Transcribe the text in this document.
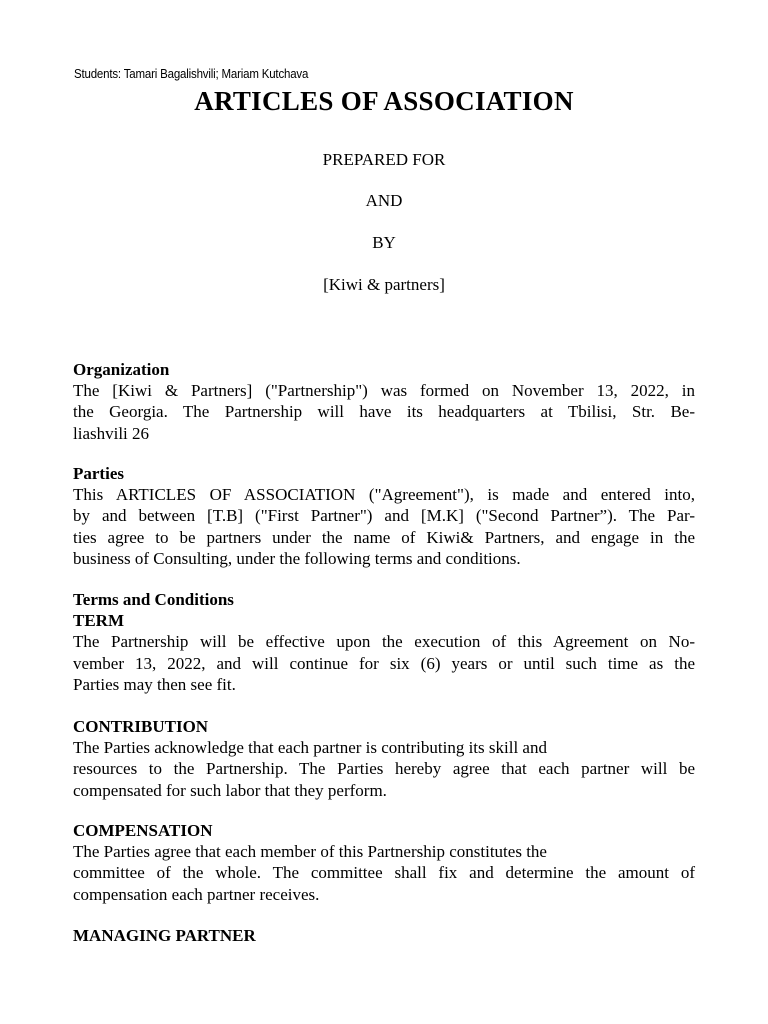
Students: Tamari Bagalishvili; Mariam Kutchava
ARTICLES OF ASSOCIATION
PREPARED FOR
AND
BY
[Kiwi & partners]
Organization
The [Kiwi & Partners] ("Partnership") was formed on November 13, 2022, in
the Georgia. The Partnership will have its headquarters at Tbilisi, Str. Be-
liashvili 26
Parties
This ARTICLES OF ASSOCIATION ("Agreement"), is made and entered into,
by and between [T.B] ("First Partner") and [M.K] ("Second Partner”). The Par-
ties agree to be partners under the name of Kiwi& Partners, and engage in the
business of Consulting, under the following terms and conditions.
Terms and Conditions
TERM
The Partnership will be effective upon the execution of this Agreement on No-
vember 13, 2022, and will continue for six (6) years or until such time as the
Parties may then see fit.
CONTRIBUTION
The Parties acknowledge that each partner is contributing its skill and
resources to the Partnership. The Parties hereby agree that each partner will be
compensated for such labor that they perform.
COMPENSATION
The Parties agree that each member of this Partnership constitutes the
committee of the whole. The committee shall fix and determine the amount of
compensation each partner receives.
MANAGING PARTNER
